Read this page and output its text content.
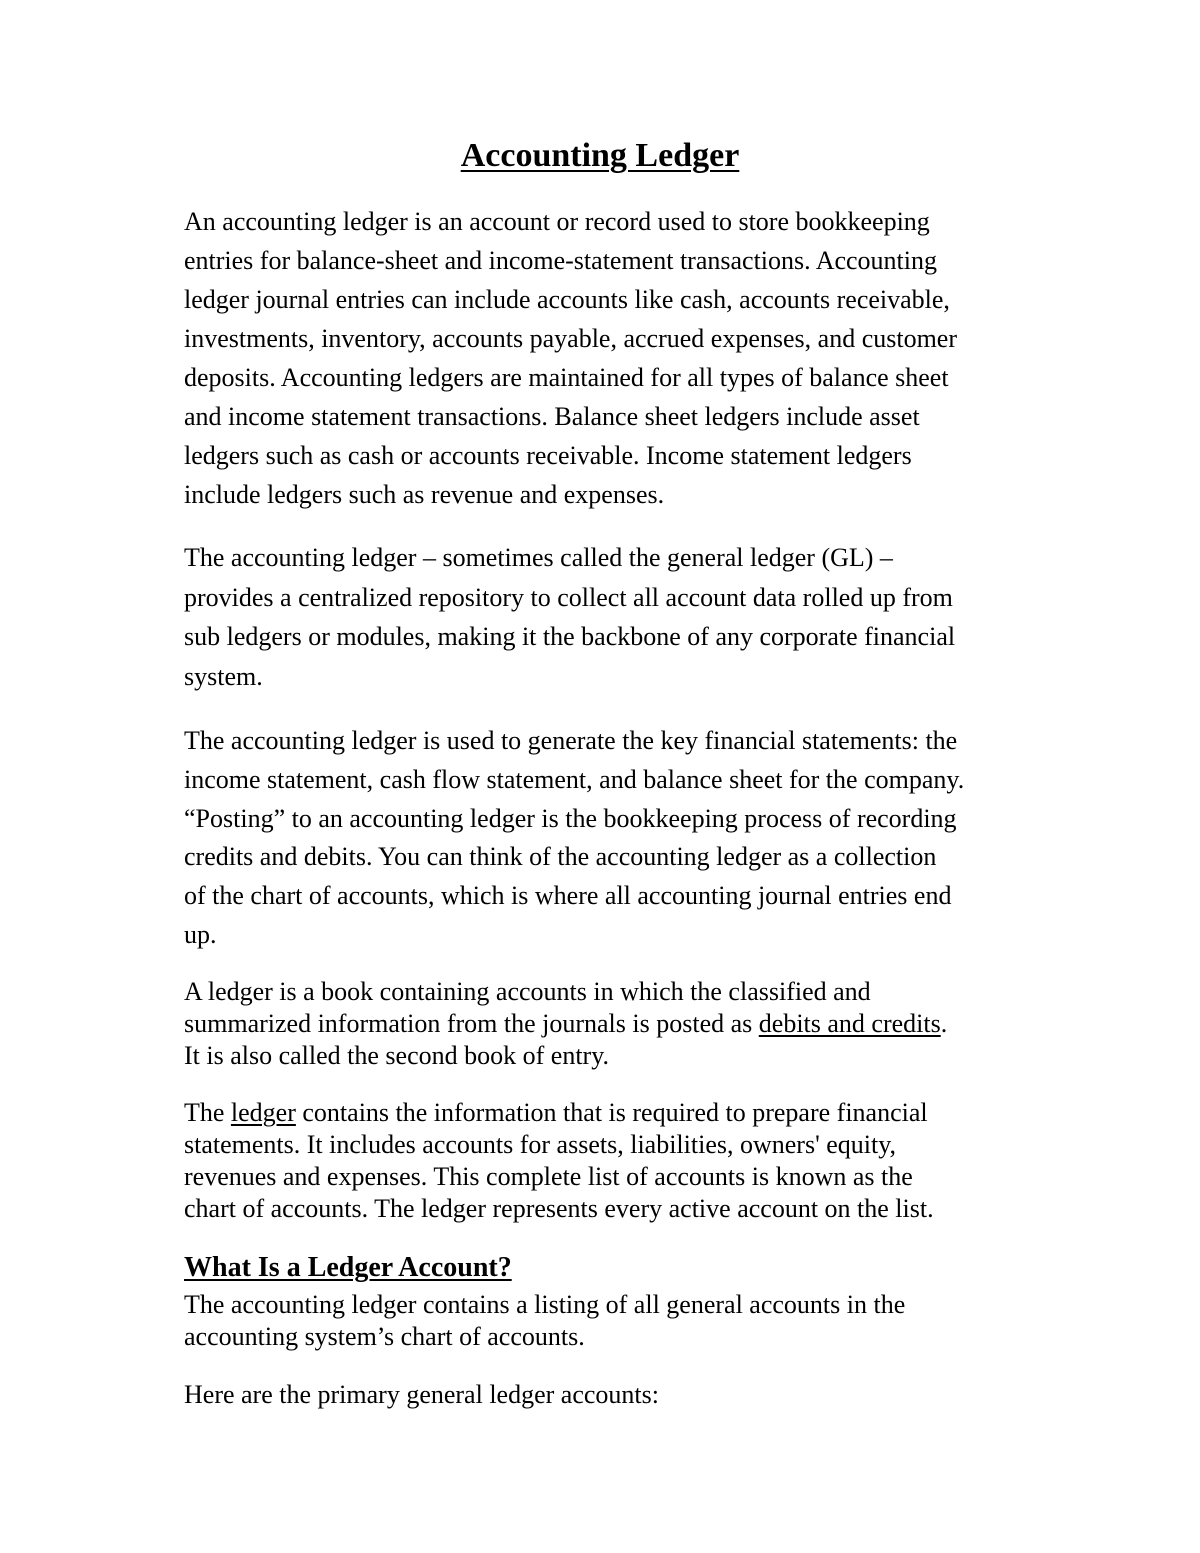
Accounting Ledger

An accounting ledger is an account or record used to store bookkeeping
entries for balance-sheet and income-statement transactions. Accounting
ledger journal entries can include accounts like cash, accounts receivable,
investments, inventory, accounts payable, accrued expenses, and customer
deposits. Accounting ledgers are maintained for all types of balance sheet
and income statement transactions. Balance sheet ledgers include asset
ledgers such as cash or accounts receivable. Income statement ledgers
include ledgers such as revenue and expenses.

The accounting ledger – sometimes called the general ledger (GL) –
provides a centralized repository to collect all account data rolled up from
sub ledgers or modules, making it the backbone of any corporate financial
system.

The accounting ledger is used to generate the key financial statements: the
income statement, cash flow statement, and balance sheet for the company.
“Posting” to an accounting ledger is the bookkeeping process of recording
credits and debits. You can think of the accounting ledger as a collection
of the chart of accounts, which is where all accounting journal entries end
up.

A ledger is a book containing accounts in which the classified and
summarized information from the journals is posted as debits and credits.
It is also called the second book of entry.

The ledger contains the information that is required to prepare financial
statements. It includes accounts for assets, liabilities, owners' equity,
revenues and expenses. This complete list of accounts is known as the
chart of accounts. The ledger represents every active account on the list.

What Is a Ledger Account?

The accounting ledger contains a listing of all general accounts in the
accounting system’s chart of accounts.

Here are the primary general ledger accounts:
